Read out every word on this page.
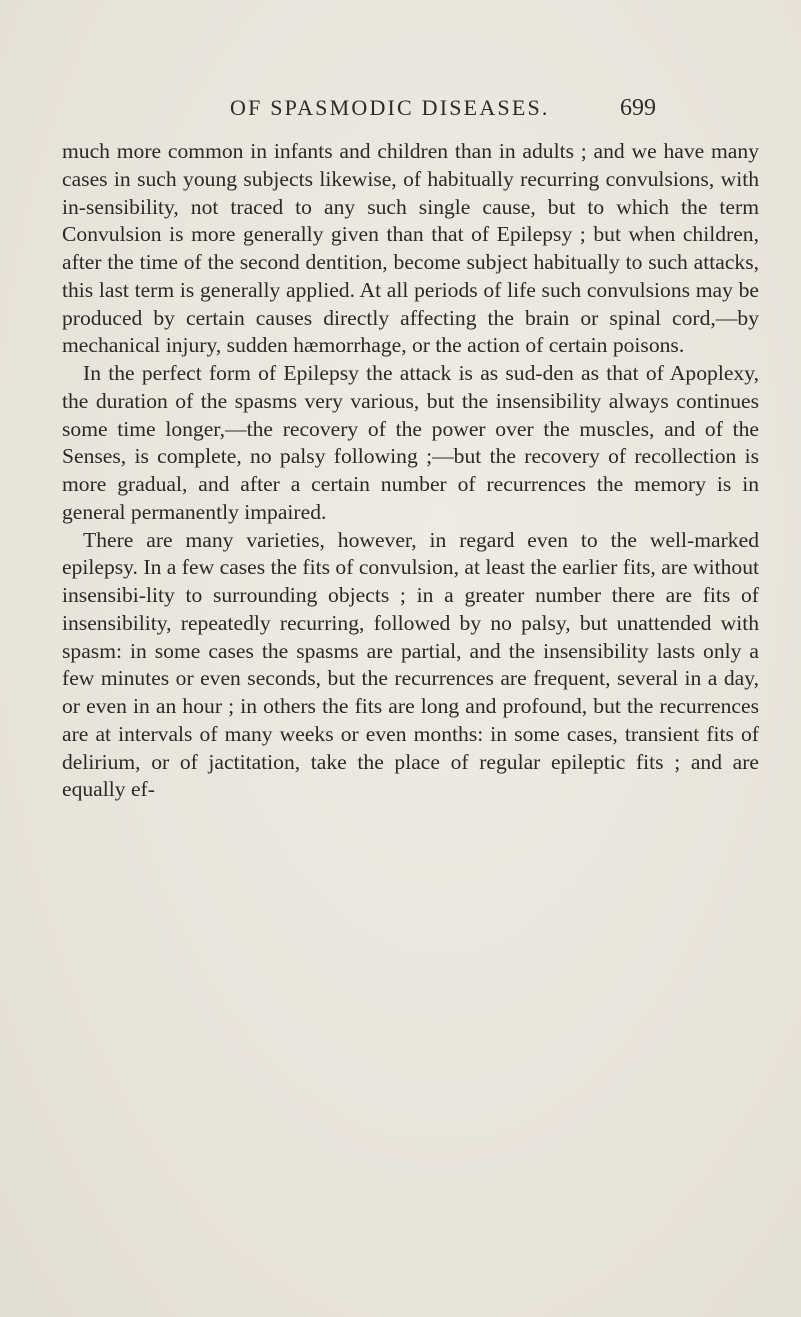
OF SPASMODIC DISEASES.	699

much more common in infants and children than in adults ; and we have many cases in such young subjects likewise, of habitually recurring convulsions, with in-sensibility, not traced to any such single cause, but to which the term Convulsion is more generally given than that of Epilepsy ; but when children, after the time of the second dentition, become subject habitually to such attacks, this last term is generally applied. At all periods of life such convulsions may be produced by certain causes directly affecting the brain or spinal cord,—by mechanical injury, sudden hæmorrhage, or the action of certain poisons.

In the perfect form of Epilepsy the attack is as sud-den as that of Apoplexy, the duration of the spasms very various, but the insensibility always continues some time longer,—the recovery of the power over the muscles, and of the Senses, is complete, no palsy following ;—but the recovery of recollection is more gradual, and after a certain number of recurrences the memory is in general permanently impaired.

There are many varieties, however, in regard even to the well-marked epilepsy. In a few cases the fits of convulsion, at least the earlier fits, are without insensibi-lity to surrounding objects ; in a greater number there are fits of insensibility, repeatedly recurring, followed by no palsy, but unattended with spasm: in some cases the spasms are partial, and the insensibility lasts only a few minutes or even seconds, but the recurrences are frequent, several in a day, or even in an hour ; in others the fits are long and profound, but the recurrences are at intervals of many weeks or even months: in some cases, transient fits of delirium, or of jactitation, take the place of regular epileptic fits ; and are equally ef-
